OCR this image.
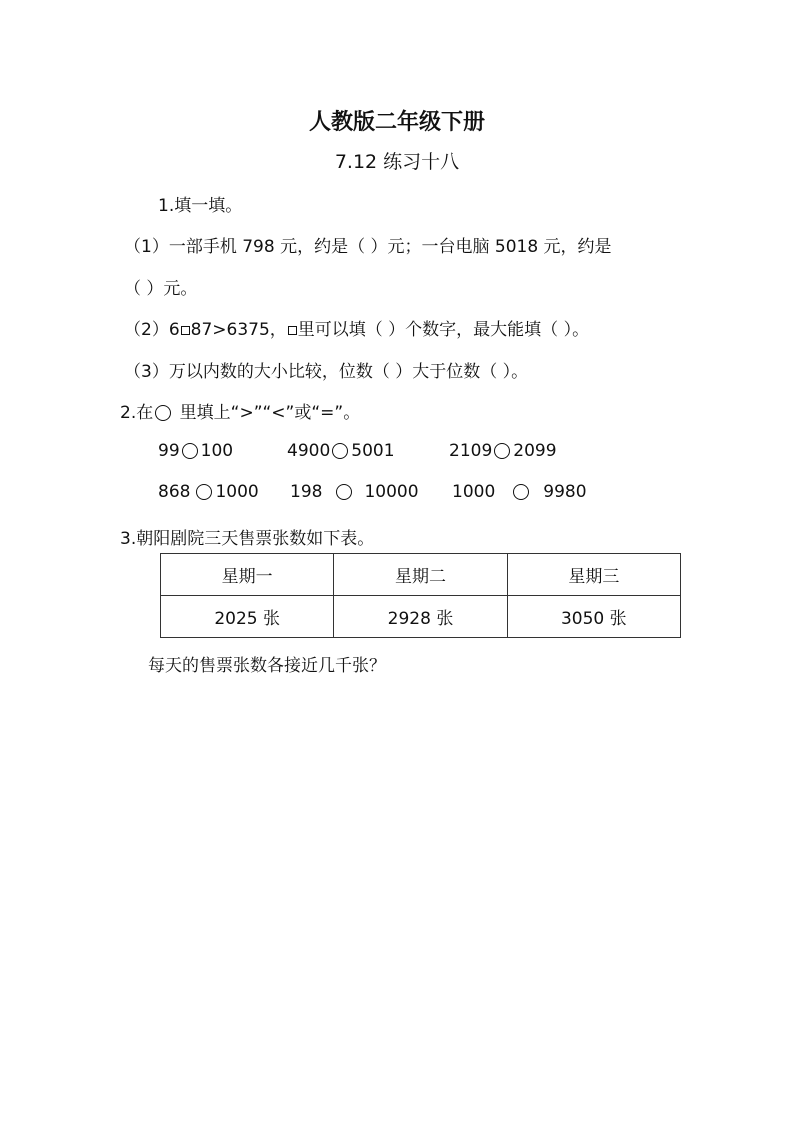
人教版二年级下册
7.12 练习十八
1.填一填。
（1）一部手机 798 元，约是（ ）元；一台电脑 5018 元，约是
（ ）元。
（2）6 87>6375， 里可以填（ ）个数字，最大能填（ ）。
（3）万以内数的大小比较，位数（ ）大于位数（ ）。
2.在 里填上“>”“<”或“=”。
99 100	4900 5001	2109 2099
868 1000 198 10000 1000	9980
3.朝阳剧院三天售票张数如下表。
星期一	星期二	星期三
2025 张	2928 张	3050 张
每天的售票张数各接近几千张？
